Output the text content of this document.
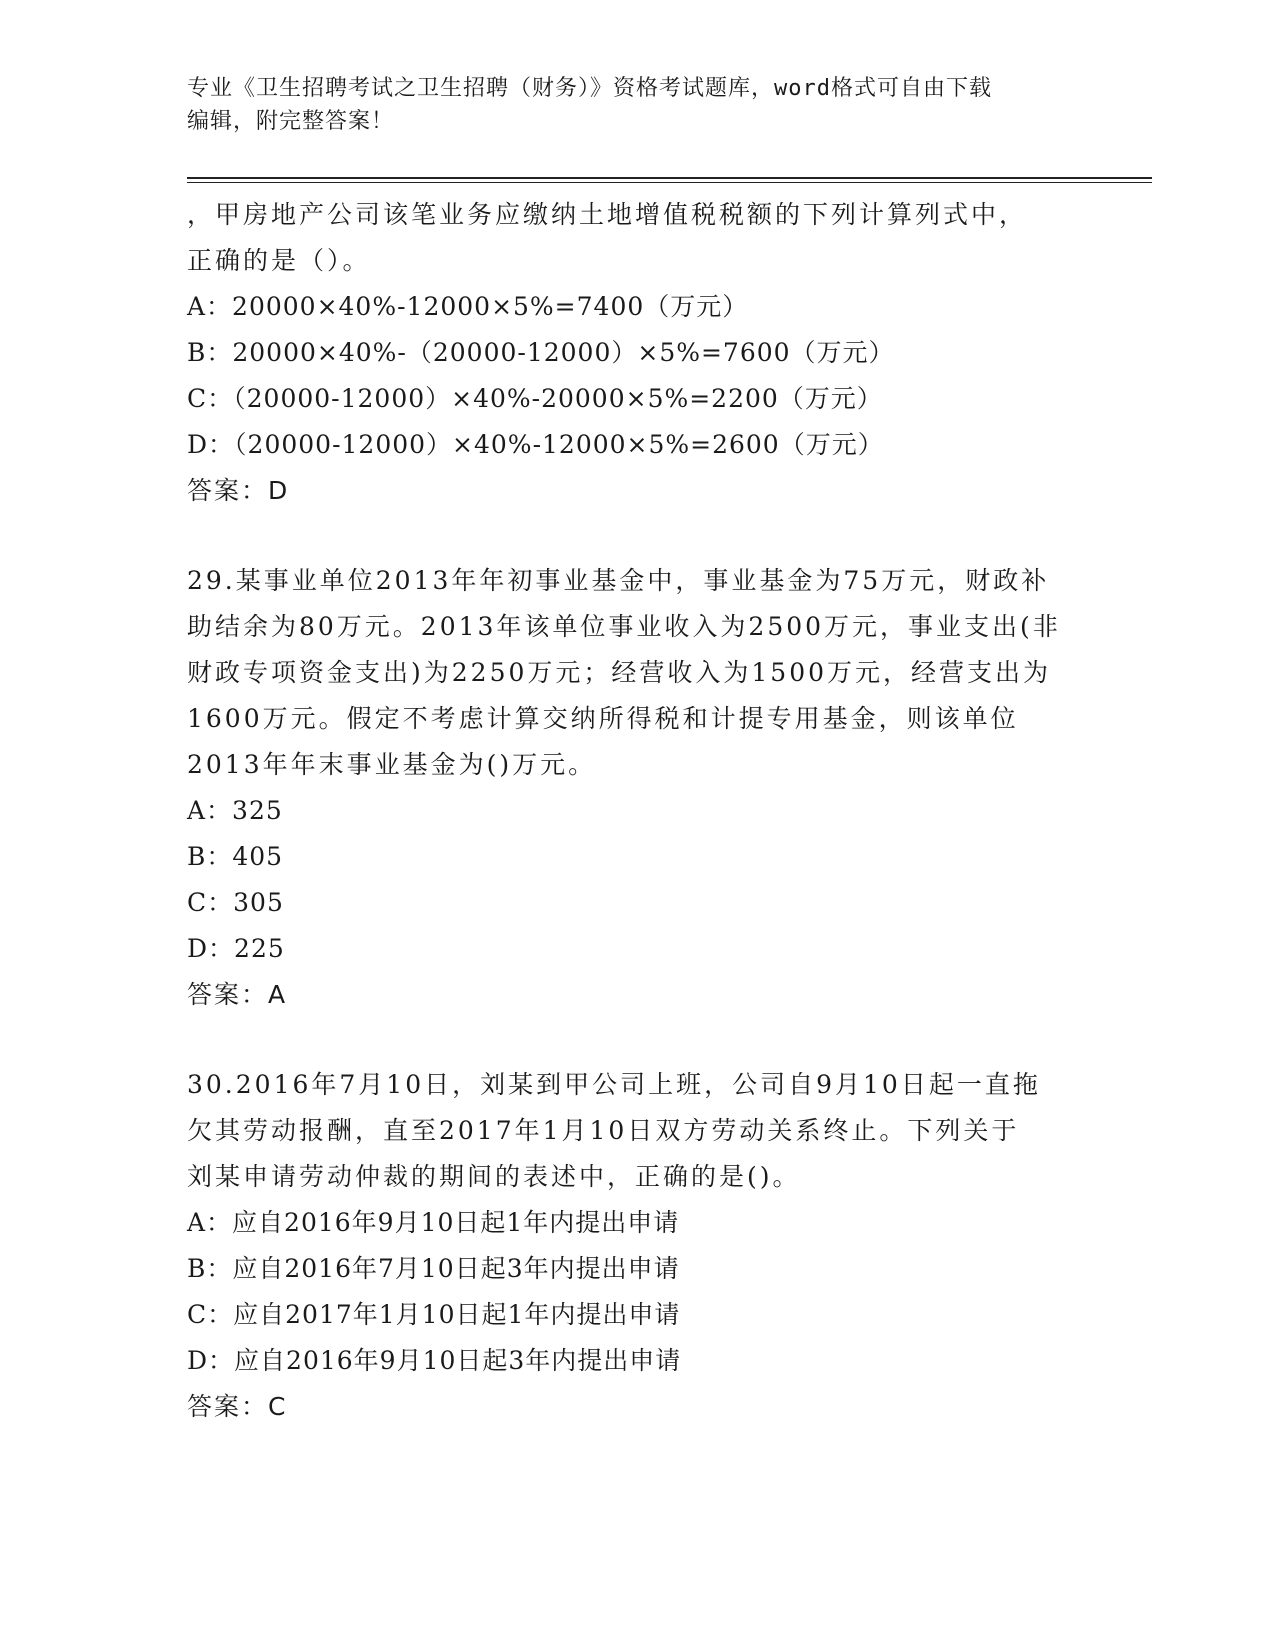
专业《卫生招聘考试之卫生招聘（财务）》资格考试题库，word格式可自由下载
编辑，附完整答案！
，甲房地产公司该笔业务应缴纳土地增值税税额的下列计算列式中，
正确的是（）。
A：20000×40%-12000×5%=7400（万元）
B：20000×40%-（20000-12000）×5%=7600（万元）
C：（20000-12000）×40%-20000×5%=2200（万元）
D：（20000-12000）×40%-12000×5%=2600（万元）
答案：D
29.某事业单位2013年年初事业基金中，事业基金为75万元，财政补
助结余为80万元。2013年该单位事业收入为2500万元，事业支出(非
财政专项资金支出)为2250万元；经营收入为1500万元，经营支出为
1600万元。假定不考虑计算交纳所得税和计提专用基金，则该单位
2013年年末事业基金为()万元。
A：325
B：405
C：305
D：225
答案：A
30.2016年7月10日，刘某到甲公司上班，公司自9月10日起一直拖
欠其劳动报酬，直至2017年1月10日双方劳动关系终止。下列关于
刘某申请劳动仲裁的期间的表述中，正确的是()。
A：应自2016年9月10日起1年内提出申请
B：应自2016年7月10日起3年内提出申请
C：应自2017年1月10日起1年内提出申请
D：应自2016年9月10日起3年内提出申请
答案：C
